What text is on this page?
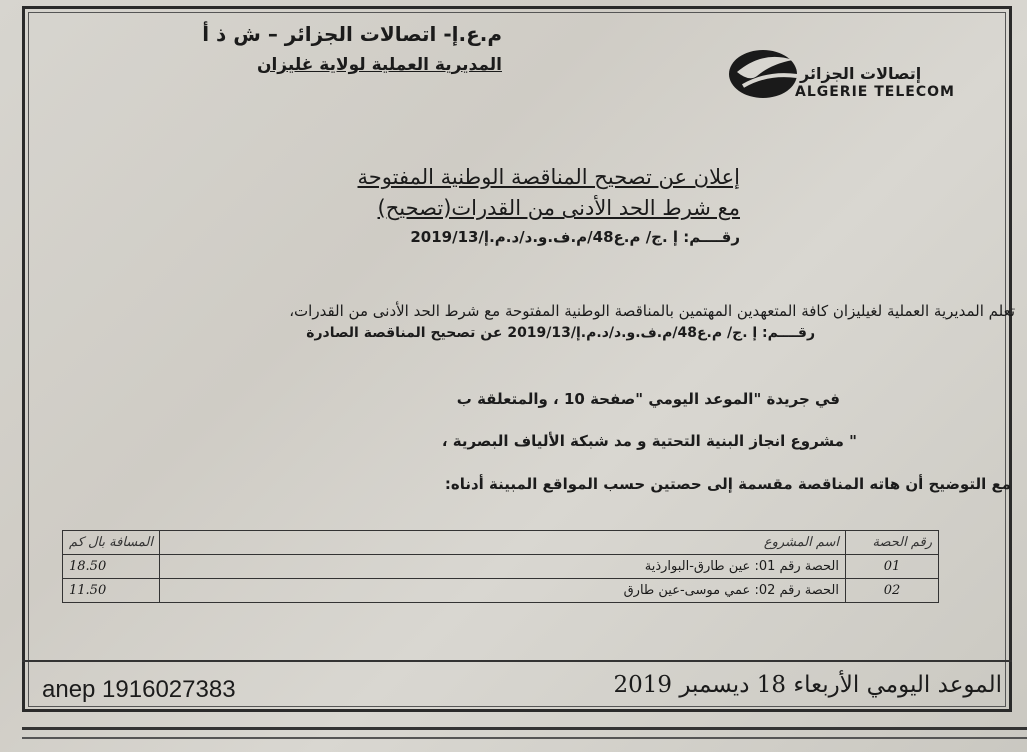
م.ع.إ- اتصالات الجزائر – ش ذ أ
المديرية العملية لولاية غليزان	إتصالات الجزائر
ALGERIE TELECOM
إعلان عن تصحيح المناقصة الوطنية المفتوحة
مع شرط الحد الأدنى من القدرات(تصحيح)
رقــــم: إ .ج/ م.ع48/م.ف.و.د/د.م.إ/2019/13
تعلم المديرية العملية لغيليزان كافة المتعهدين المهتمين بالمناقصة الوطنية المفتوحة مع شرط الحد الأدنى من القدرات،
رقــــم: إ .ج/ م.ع48/م.ف.و.د/د.م.إ/2019/13 عن تصحيح المناقصة الصادرة
في جريدة "الموعد اليومي "صفحة 10 ، والمتعلقة ب
" مشروع انجاز البنية التحتية و مد شبكة الألياف البصرية ،
مع التوضيح أن هاته المناقصة مقسمة إلى حصتين حسب المواقع المبينة أدناه:
رقم الحصة	اسم المشروع	المسافة بال كم
01	الحصة رقم 01: عين طارق-البوارذية	18.50
02	الحصة رقم 02: عمي موسى-عين طارق	11.50
anep 1916027383	الموعد اليومي الأربعاء 18 ديسمبر 2019
